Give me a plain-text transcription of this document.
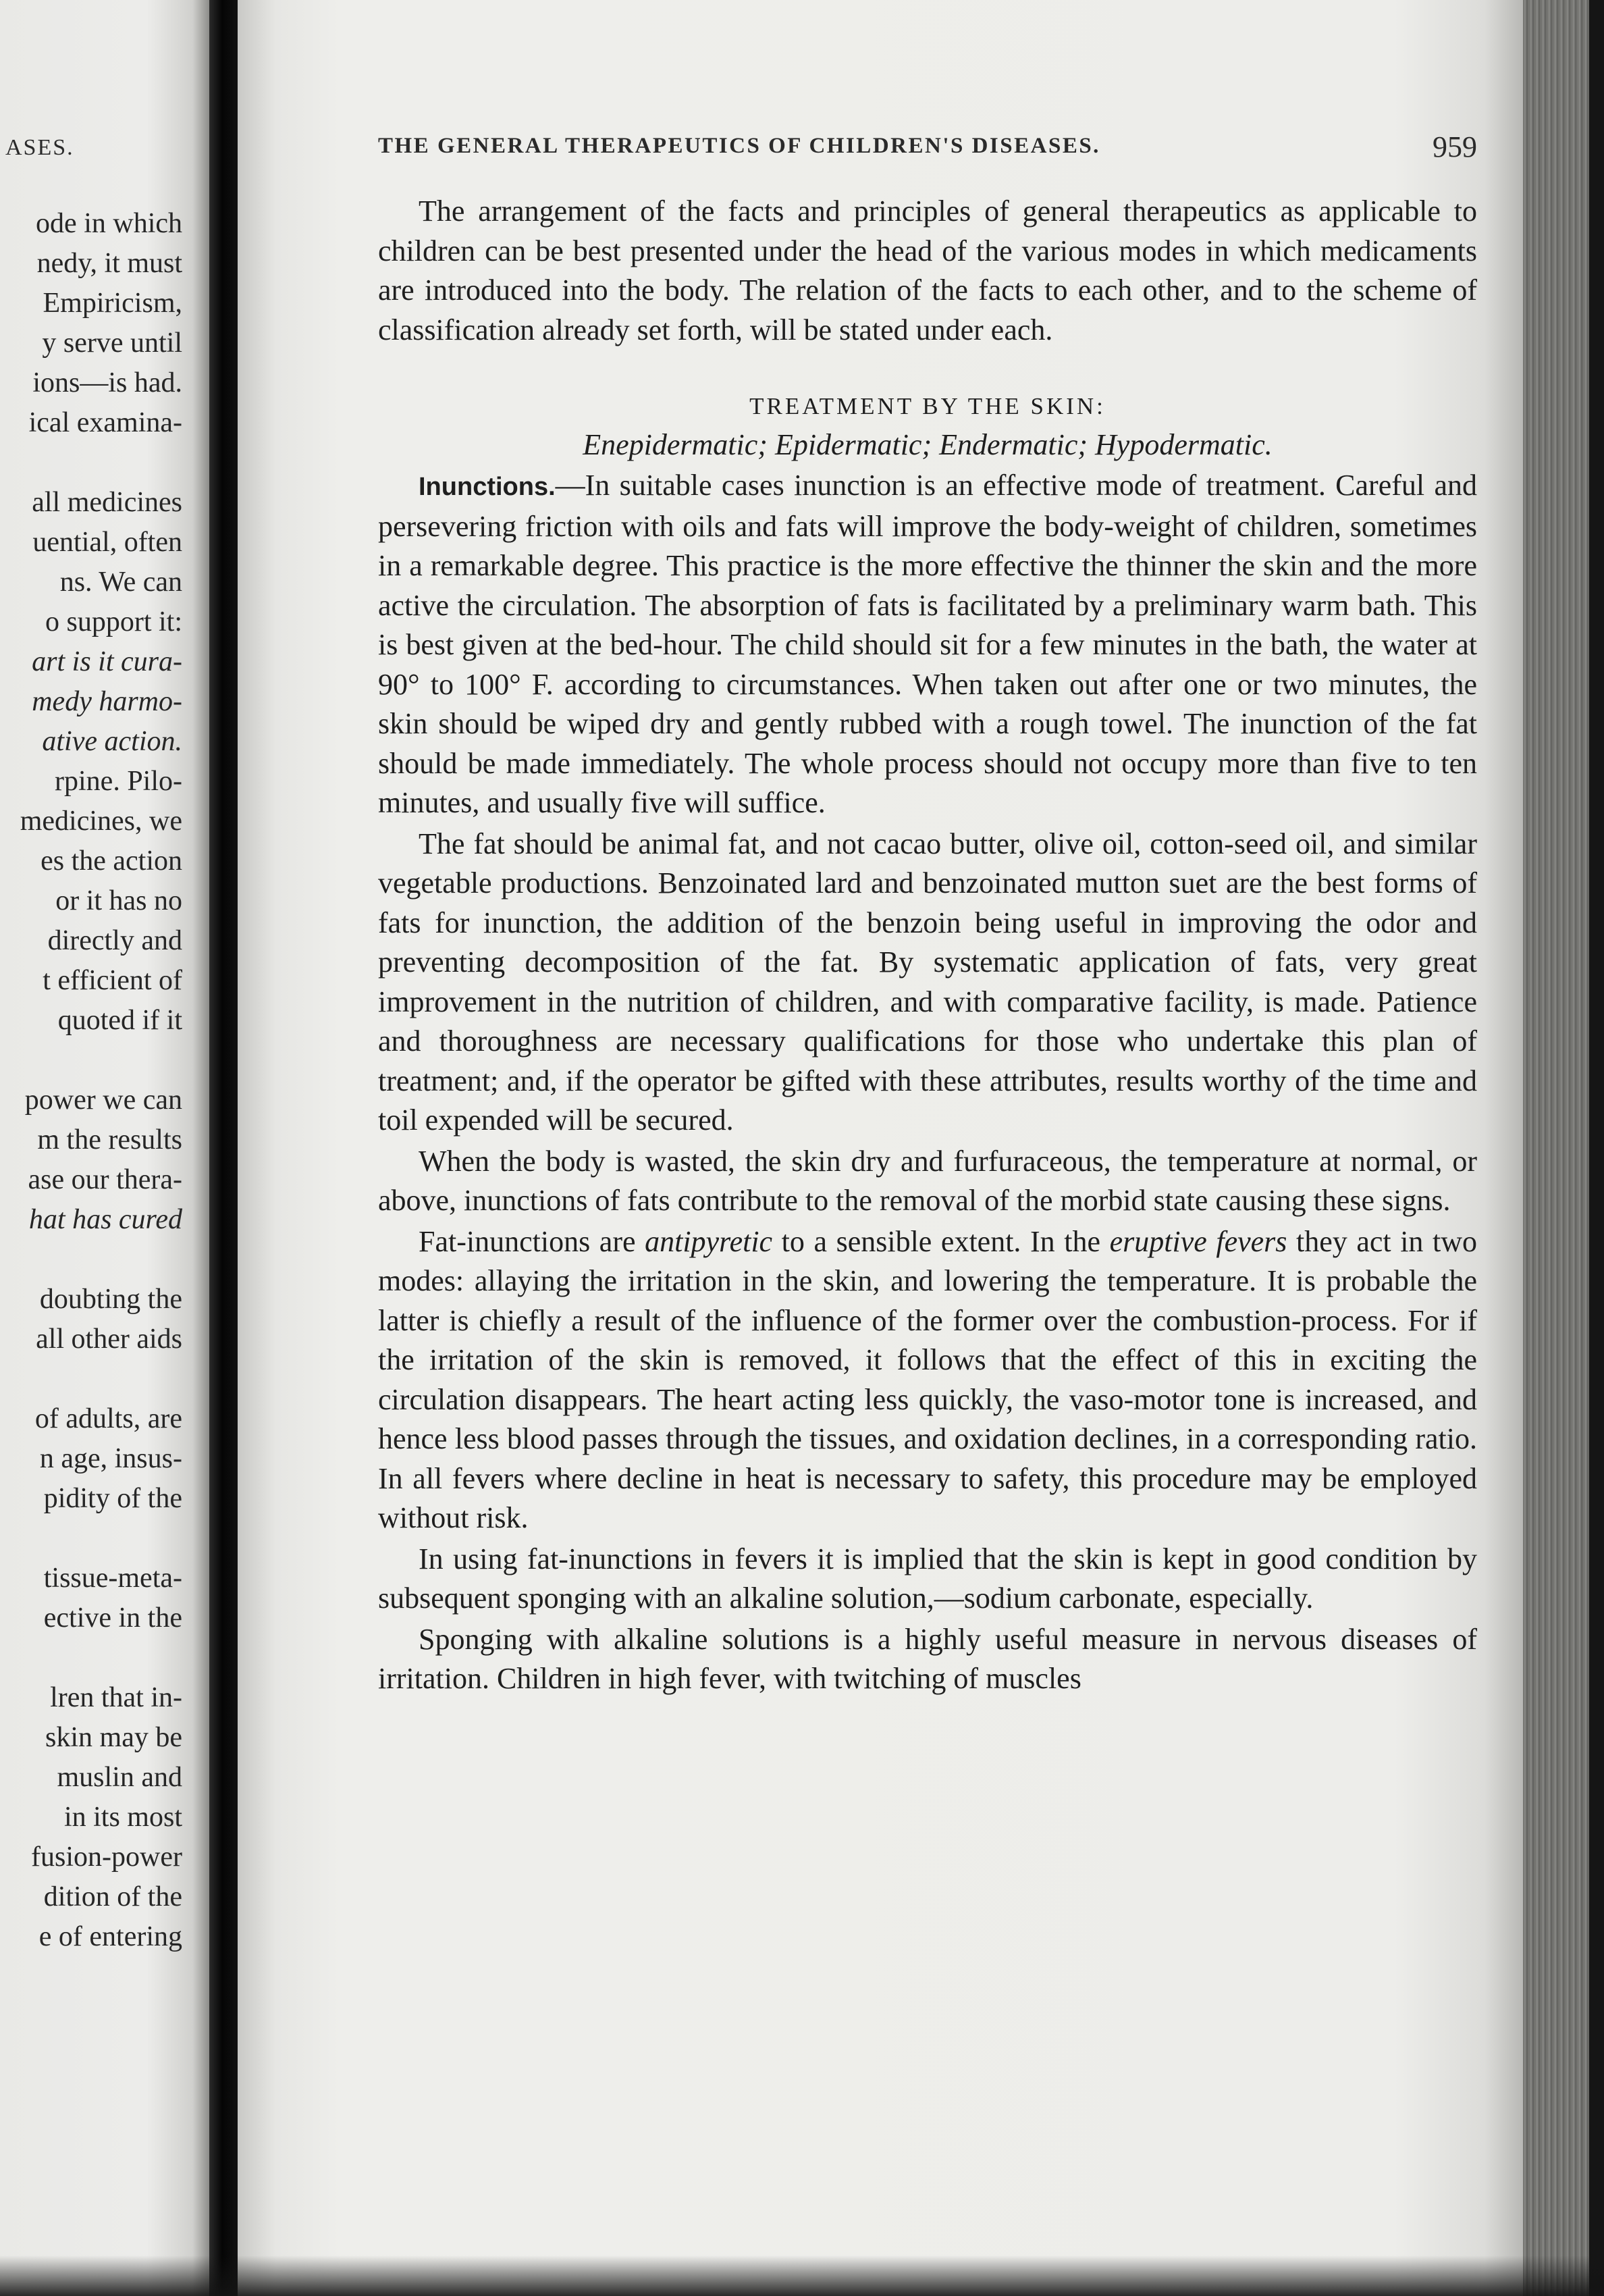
ASES.
ode in which
nedy, it must
Empiricism,
y serve until
ions—is had.
ical examina-
all medicines
uential, often
ns. We can
o support it:
art is it cura-
medy harmo-
ative action.
rpine. Pilo-
medicines, we
es the action
or it has no
directly and
t efficient of
quoted if it
power we can
m the results
ase our thera-
hat has cured
doubting the
all other aids
of adults, are
n age, insus-
pidity of the
tissue-meta-
ective in the
lren that in-
skin may be
muslin and
in its most
fusion-power
dition of the
e of entering
THE GENERAL THERAPEUTICS OF CHILDREN'S DISEASES.	959

The arrangement of the facts and principles of general therapeutics as applicable to children can be best presented under the head of the various modes in which medicaments are introduced into the body. The relation of the facts to each other, and to the scheme of classification already set forth, will be stated under each.

TREATMENT BY THE SKIN:
Enepidermatic; Epidermatic; Endermatic; Hypodermatic.

Inunctions.—In suitable cases inunction is an effective mode of treatment. Careful and persevering friction with oils and fats will improve the body-weight of children, sometimes in a remarkable degree. This practice is the more effective the thinner the skin and the more active the circulation. The absorption of fats is facilitated by a preliminary warm bath. This is best given at the bed-hour. The child should sit for a few minutes in the bath, the water at 90° to 100° F. according to circumstances. When taken out after one or two minutes, the skin should be wiped dry and gently rubbed with a rough towel. The inunction of the fat should be made immediately. The whole process should not occupy more than five to ten minutes, and usually five will suffice.

The fat should be animal fat, and not cacao butter, olive oil, cotton-seed oil, and similar vegetable productions. Benzoinated lard and benzoinated mutton suet are the best forms of fats for inunction, the addition of the benzoin being useful in improving the odor and preventing decomposition of the fat. By systematic application of fats, very great improvement in the nutrition of children, and with comparative facility, is made. Patience and thoroughness are necessary qualifications for those who undertake this plan of treatment; and, if the operator be gifted with these attributes, results worthy of the time and toil expended will be secured.

When the body is wasted, the skin dry and furfuraceous, the temperature at normal, or above, inunctions of fats contribute to the removal of the morbid state causing these signs.

Fat-inunctions are antipyretic to a sensible extent. In the eruptive fevers they act in two modes: allaying the irritation in the skin, and lowering the temperature. It is probable the latter is chiefly a result of the influence of the former over the combustion-process. For if the irritation of the skin is removed, it follows that the effect of this in exciting the circulation disappears. The heart acting less quickly, the vaso-motor tone is increased, and hence less blood passes through the tissues, and oxidation declines, in a corresponding ratio. In all fevers where decline in heat is necessary to safety, this procedure may be employed without risk.

In using fat-inunctions in fevers it is implied that the skin is kept in good condition by subsequent sponging with an alkaline solution,—sodium carbonate, especially.

Sponging with alkaline solutions is a highly useful measure in nervous diseases of irritation. Children in high fever, with twitching of muscles
